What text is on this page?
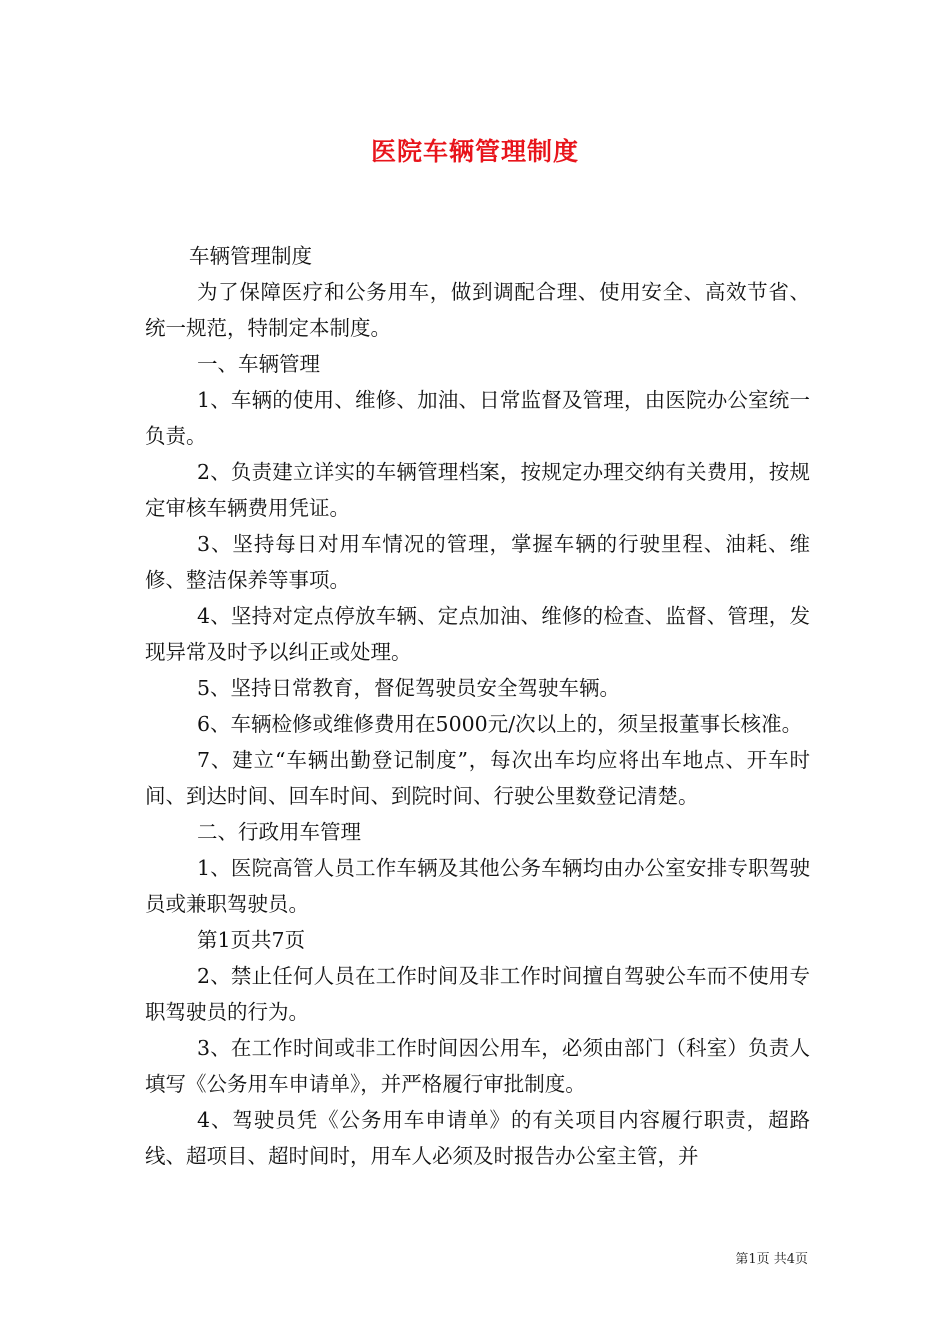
医院车辆管理制度

车辆管理制度

为了保障医疗和公务用车，做到调配合理、使用安全、高效节省、统一规范，特制定本制度。

一、车辆管理

1、车辆的使用、维修、加油、日常监督及管理，由医院办公室统一负责。

2、负责建立详实的车辆管理档案，按规定办理交纳有关费用，按规定审核车辆费用凭证。

3、坚持每日对用车情况的管理，掌握车辆的行驶里程、油耗、维修、整洁保养等事项。

4、坚持对定点停放车辆、定点加油、维修的检查、监督、管理，发现异常及时予以纠正或处理。

5、坚持日常教育，督促驾驶员安全驾驶车辆。

6、车辆检修或维修费用在5000元/次以上的，须呈报董事长核准。

7、建立“车辆出勤登记制度”，每次出车均应将出车地点、开车时间、到达时间、回车时间、到院时间、行驶公里数登记清楚。

二、行政用车管理

1、医院高管人员工作车辆及其他公务车辆均由办公室安排专职驾驶员或兼职驾驶员。

第1页共7页

2、禁止任何人员在工作时间及非工作时间擅自驾驶公车而不使用专职驾驶员的行为。

3、在工作时间或非工作时间因公用车，必须由部门（科室）负责人填写《公务用车申请单》，并严格履行审批制度。

4、驾驶员凭《公务用车申请单》的有关项目内容履行职责，超路线、超项目、超时间时，用车人必须及时报告办公室主管，并

第1页 共4页
